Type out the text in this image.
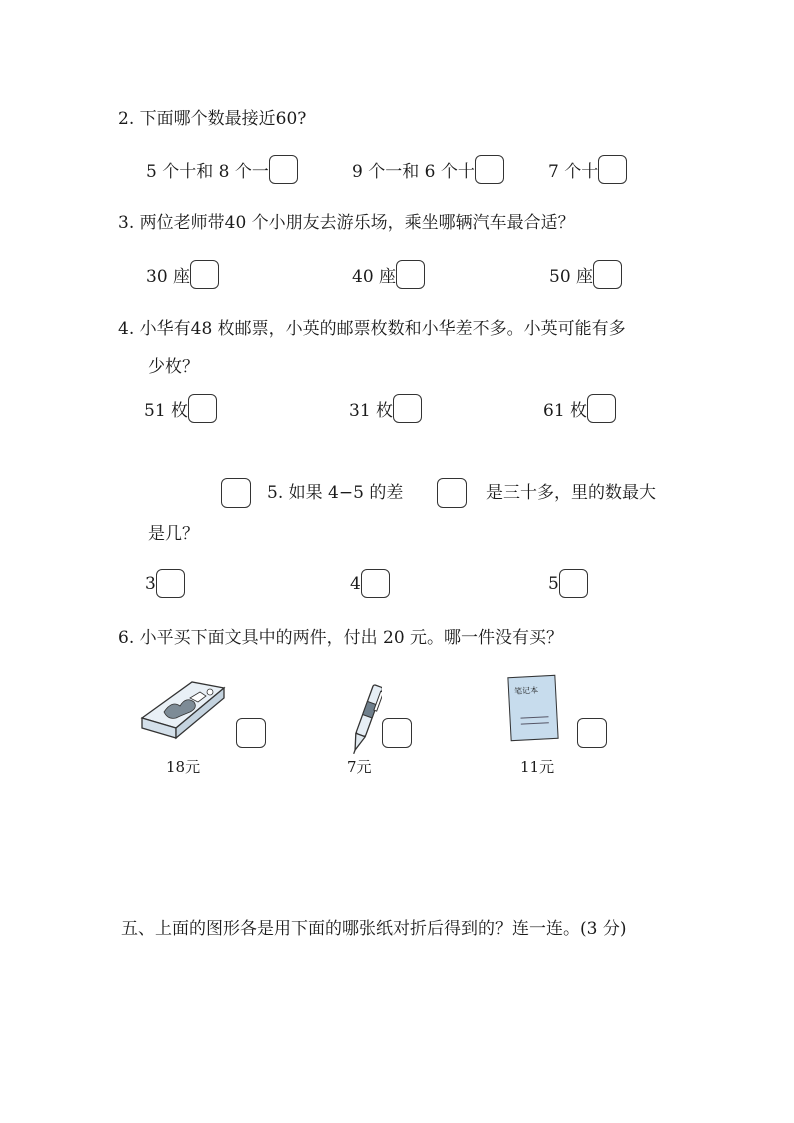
2. 下面哪个数最接近60?
5 个十和 8 个一	9 个一和 6 个十	7 个十
3. 两位老师带40 个小朋友去游乐场，乘坐哪辆汽车最合适？
30 座	40 座	50 座
4. 小华有48 枚邮票，小英的邮票枚数和小华差不多。小英可能有多
少枚？
51 枚	31 枚	61 枚
5. 如果 4−5 的差	是三十多，里的数最大
是几？
3	4	5
6. 小平买下面文具中的两件，付出 20 元。哪一件没有买？
18元	7元
笔记本
11元
五、上面的图形各是用下面的哪张纸对折后得到的？连一连。(3 分)
